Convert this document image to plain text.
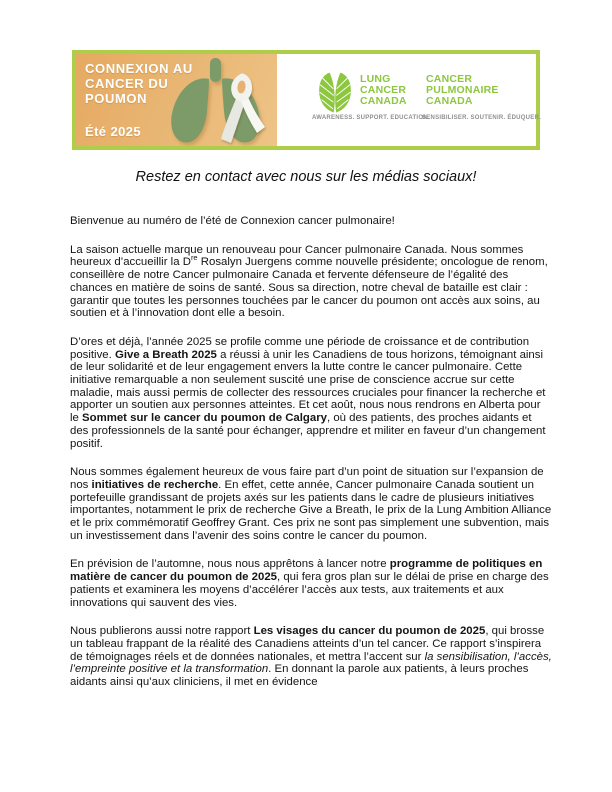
CONNEXION AU
CANCER DU
POUMON
Été 2025
LUNG
CANCER
CANADA
CANCER
PULMONAIRE
CANADA
AWARENESS. SUPPORT. EDUCATION.
SENSIBILISER. SOUTENIR. ÉDUQUER.
Restez en contact avec nous sur les médias sociaux!

Bienvenue au numéro de l’été de Connexion cancer pulmonaire!

La saison actuelle marque un renouveau pour Cancer pulmonaire Canada. Nous sommes heureux d’accueillir la Dre Rosalyn Juergens comme nouvelle présidente; oncologue de renom, conseillère de notre Cancer pulmonaire Canada et fervente défenseure de l’égalité des chances en matière de soins de santé. Sous sa direction, notre cheval de bataille est clair : garantir que toutes les personnes touchées par le cancer du poumon ont accès aux soins, au soutien et à l’innovation dont elle a besoin.

D’ores et déjà, l’année 2025 se profile comme une période de croissance et de contribution positive. Give a Breath 2025 a réussi à unir les Canadiens de tous horizons, témoignant ainsi de leur solidarité et de leur engagement envers la lutte contre le cancer pulmonaire. Cette initiative remarquable a non seulement suscité une prise de conscience accrue sur cette maladie, mais aussi permis de collecter des ressources cruciales pour financer la recherche et apporter un soutien aux personnes atteintes. Et cet août, nous nous rendrons en Alberta pour le Sommet sur le cancer du poumon de Calgary, où des patients, des proches aidants et des professionnels de la santé pour échanger, apprendre et militer en faveur d’un changement positif.

Nous sommes également heureux de vous faire part d’un point de situation sur l’expansion de nos initiatives de recherche. En effet, cette année, Cancer pulmonaire Canada soutient un portefeuille grandissant de projets axés sur les patients dans le cadre de plusieurs initiatives importantes, notamment le prix de recherche Give a Breath, le prix de la Lung Ambition Alliance et le prix commémoratif Geoffrey Grant. Ces prix ne sont pas simplement une subvention, mais un investissement dans l’avenir des soins contre le cancer du poumon.

En prévision de l’automne, nous nous apprêtons à lancer notre programme de politiques en matière de cancer du poumon de 2025, qui fera gros plan sur le délai de prise en charge des patients et examinera les moyens d’accélérer l’accès aux tests, aux traitements et aux innovations qui sauvent des vies.

Nous publierons aussi notre rapport Les visages du cancer du poumon de 2025, qui brosse un tableau frappant de la réalité des Canadiens atteints d’un tel cancer. Ce rapport s’inspirera de témoignages réels et de données nationales, et mettra l’accent sur la sensibilisation, l’accès, l’empreinte positive et la transformation. En donnant la parole aux patients, à leurs proches aidants ainsi qu’aux cliniciens, il met en évidence
